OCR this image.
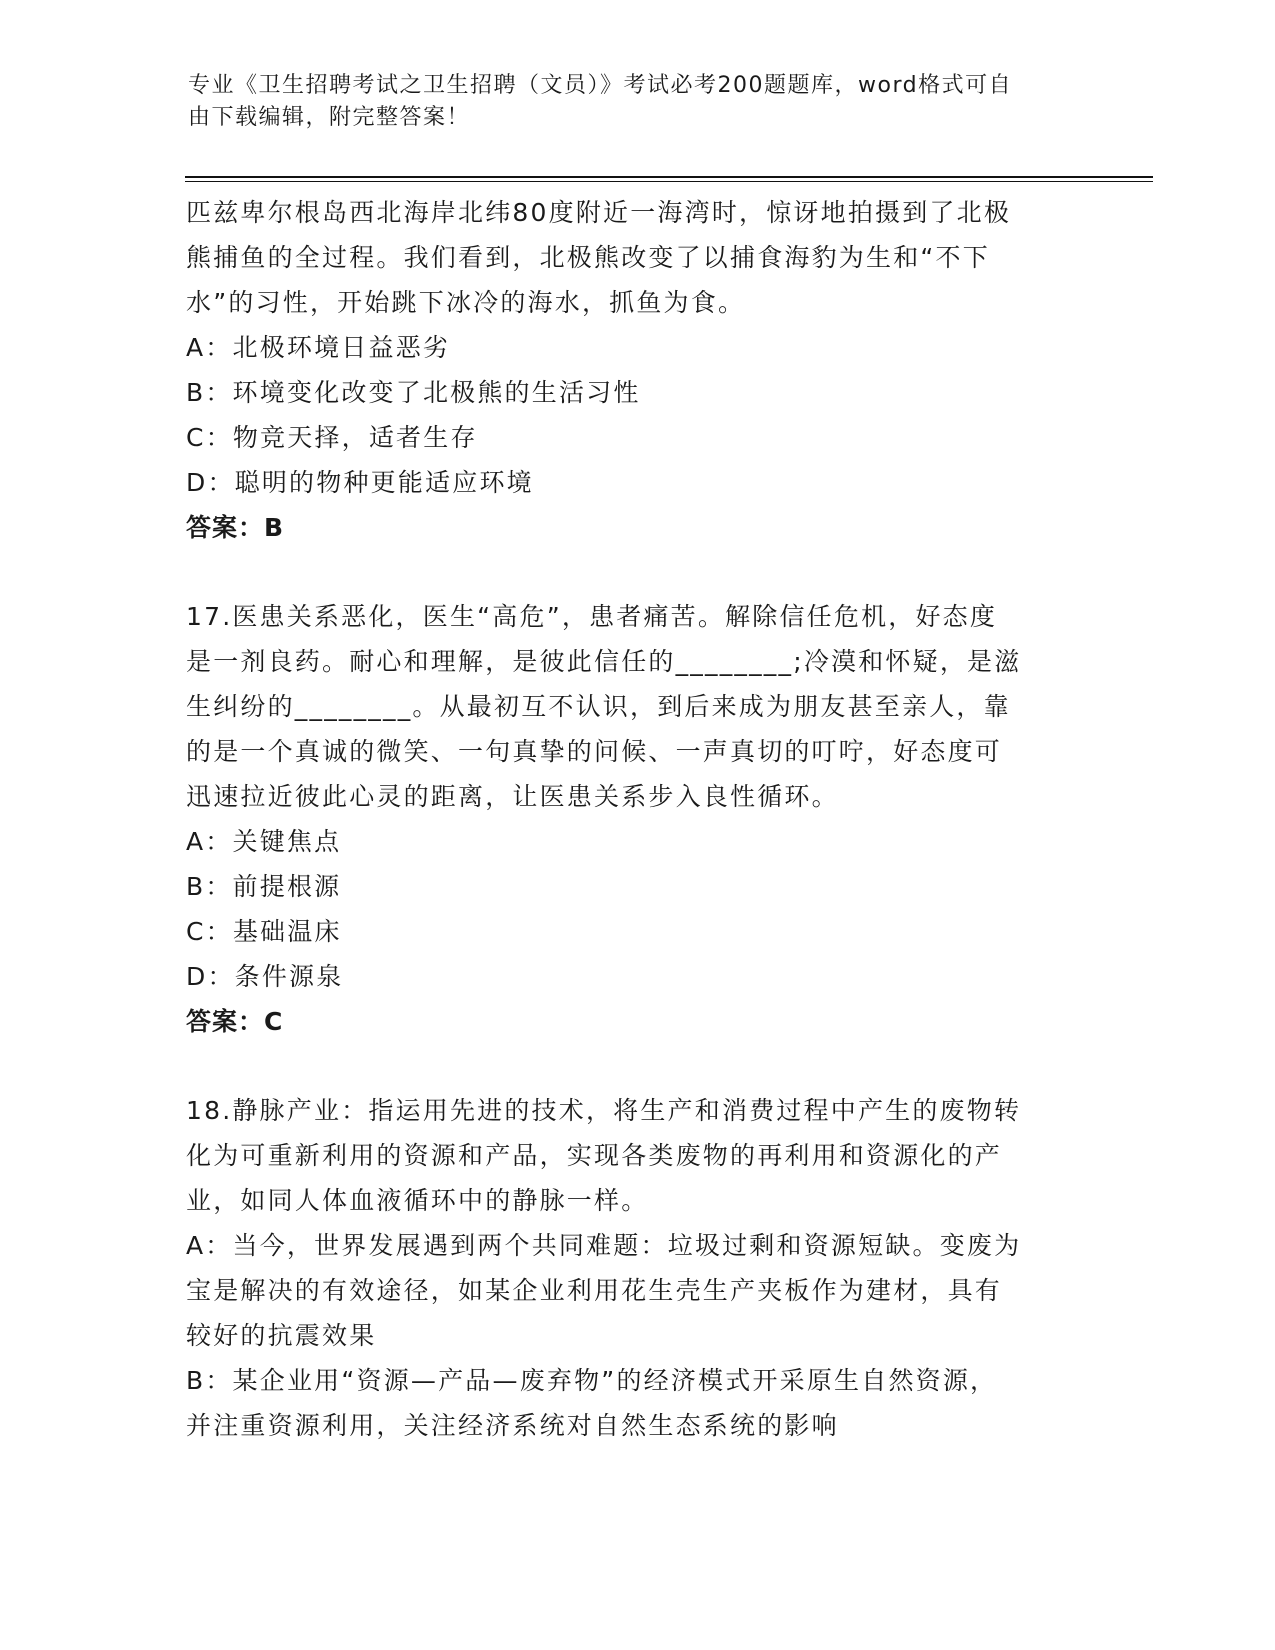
专业《卫生招聘考试之卫生招聘（文员）》考试必考200题题库，word格式可自
由下载编辑，附完整答案！

匹兹卑尔根岛西北海岸北纬80度附近一海湾时，惊讶地拍摄到了北极

熊捕鱼的全过程。我们看到，北极熊改变了以捕食海豹为生和“不下

水”的习性，开始跳下冰冷的海水，抓鱼为食。

A：北极环境日益恶劣

B：环境变化改变了北极熊的生活习性

C：物竞天择，适者生存

D：聪明的物种更能适应环境

答案：B

17.医患关系恶化，医生“高危”，患者痛苦。解除信任危机，好态度

是一剂良药。耐心和理解，是彼此信任的________;冷漠和怀疑，是滋

生纠纷的________。从最初互不认识，到后来成为朋友甚至亲人，靠

的是一个真诚的微笑、一句真挚的问候、一声真切的叮咛，好态度可

迅速拉近彼此心灵的距离，让医患关系步入良性循环。

A：关键焦点

B：前提根源

C：基础温床

D：条件源泉

答案：C

18.静脉产业：指运用先进的技术，将生产和消费过程中产生的废物转

化为可重新利用的资源和产品，实现各类废物的再利用和资源化的产

业，如同人体血液循环中的静脉一样。

A：当今，世界发展遇到两个共同难题：垃圾过剩和资源短缺。变废为

宝是解决的有效途径，如某企业利用花生壳生产夹板作为建材，具有

较好的抗震效果

B：某企业用“资源—产品—废弃物”的经济模式开采原生自然资源，

并注重资源利用，关注经济系统对自然生态系统的影响
